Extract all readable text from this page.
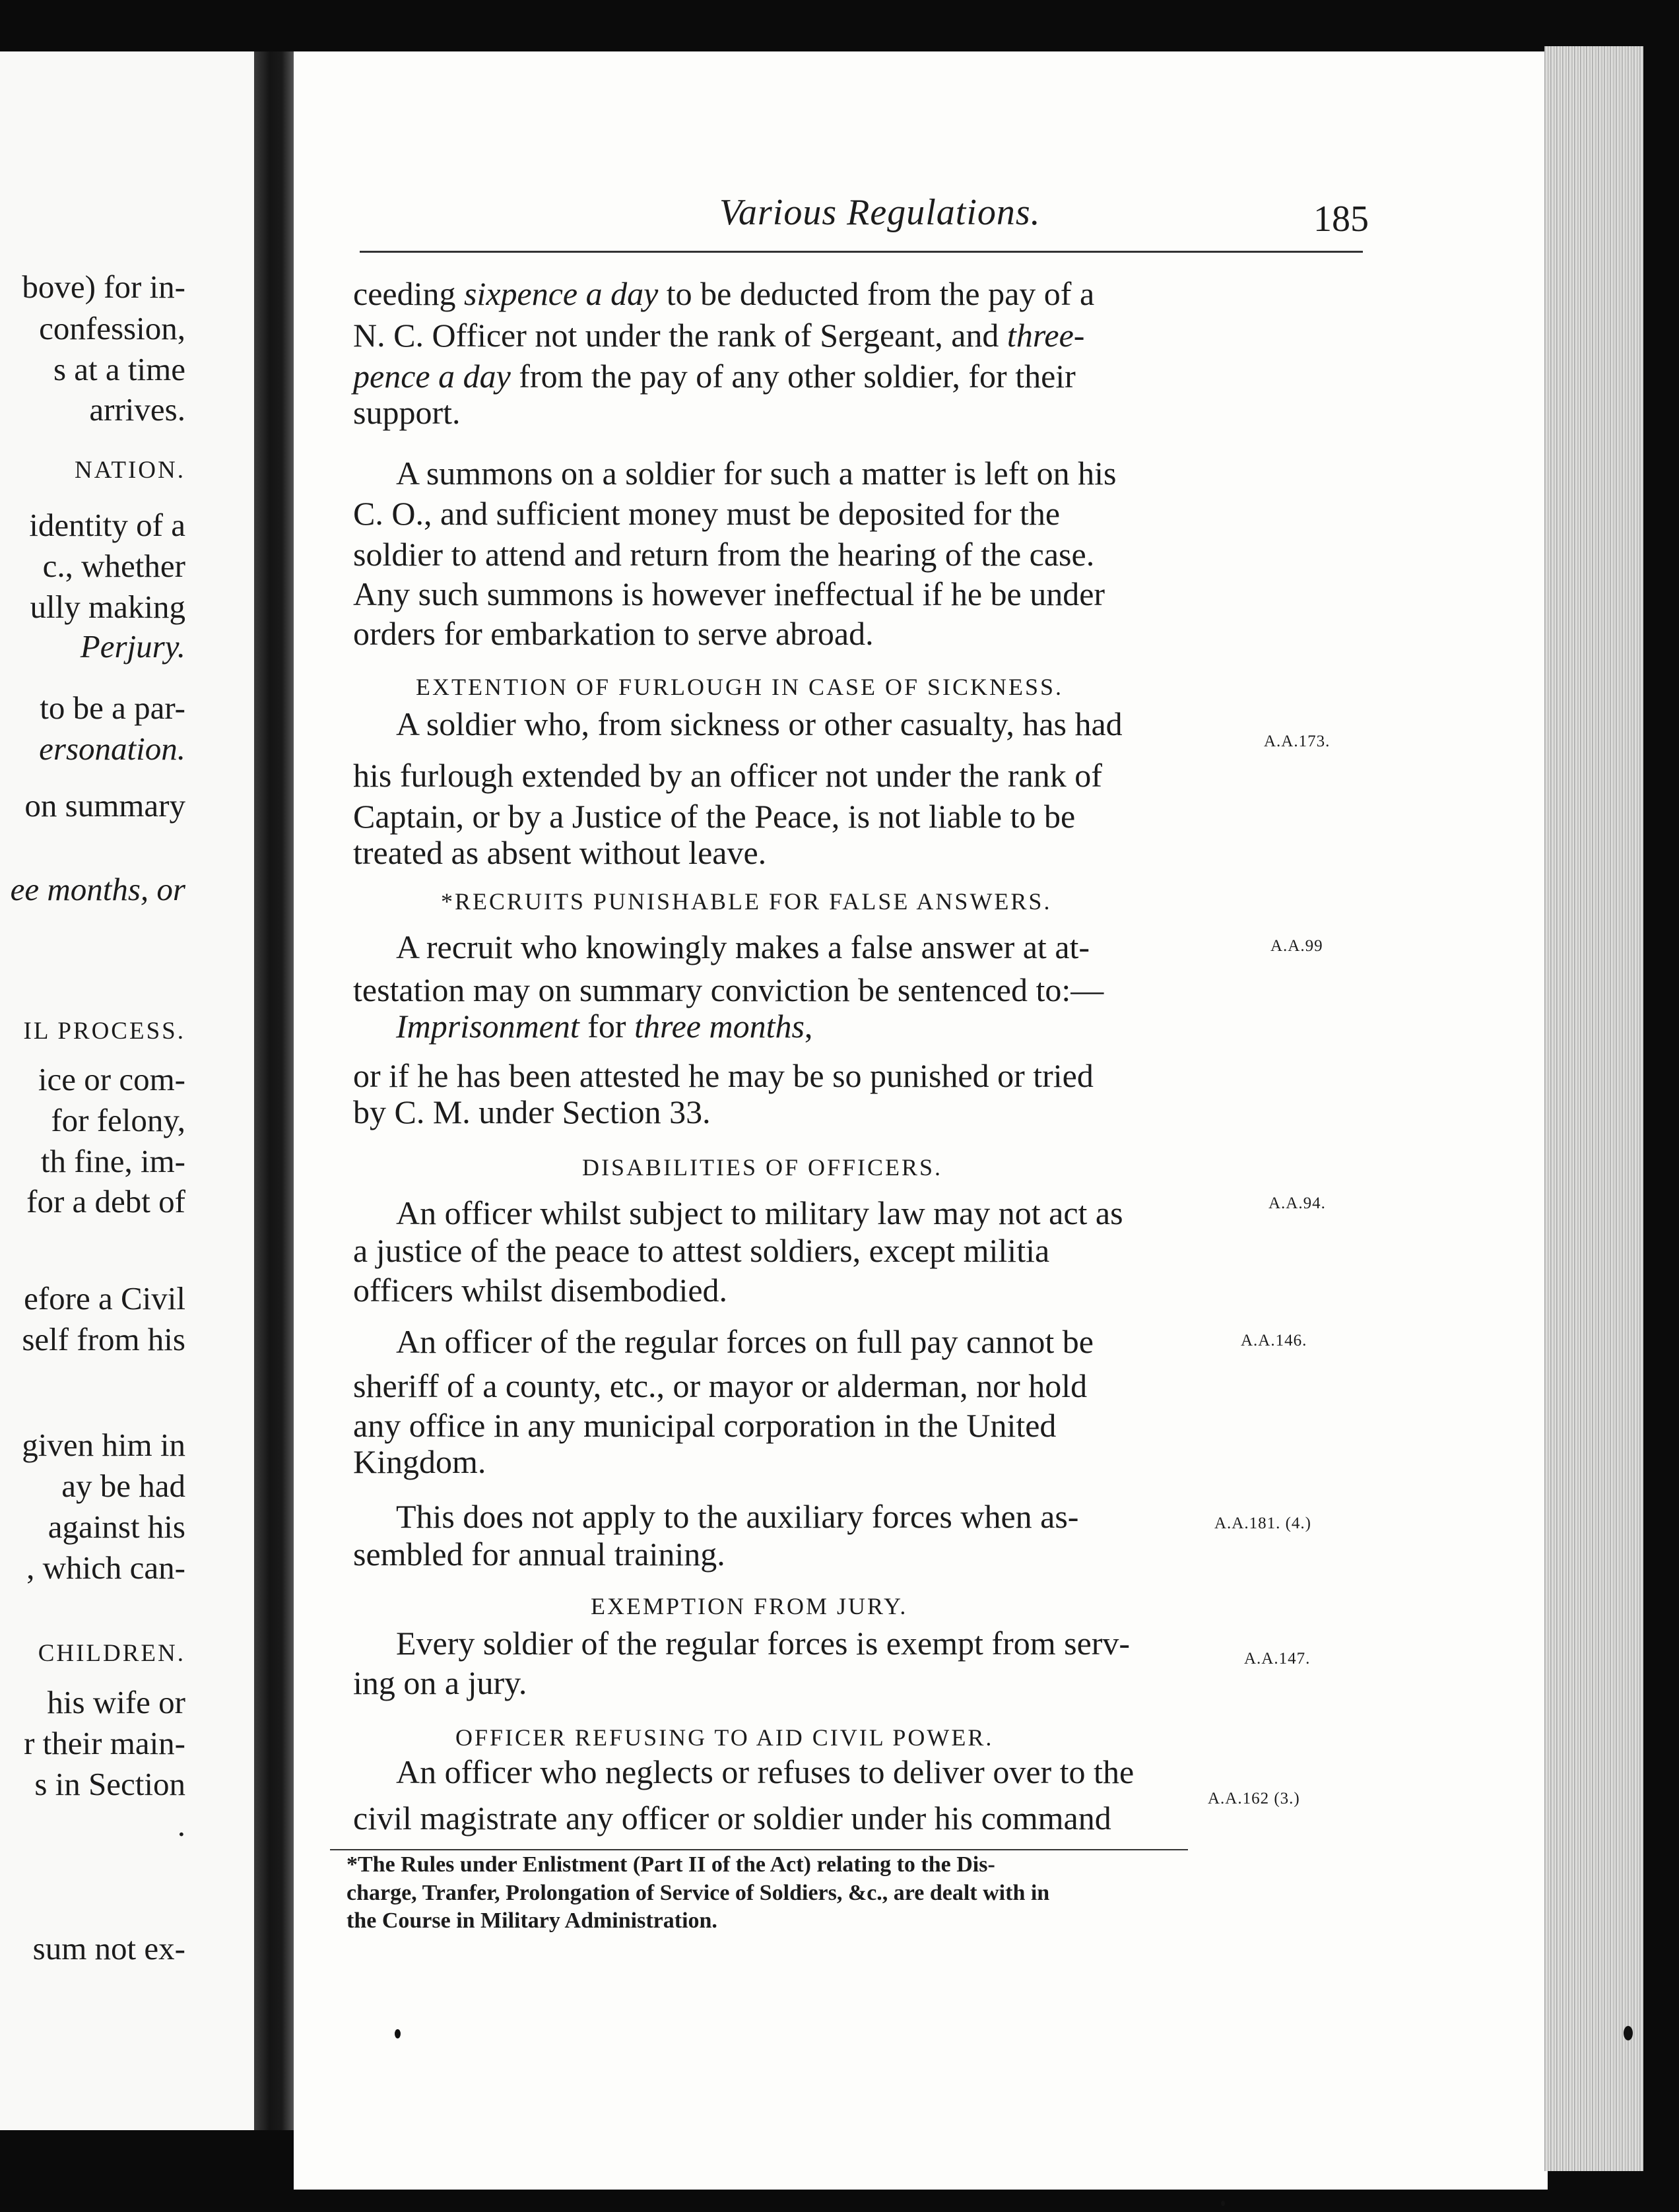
bove) for in-
confession,
s at a time
arrives.
NATION.
identity of a
c., whether
ully making
Perjury.
to be a par-
ersonation.
on summary
ee months, or
IL PROCESS.
ice or com-
for felony,
th fine, im-
for a debt of
efore a Civil
self from his
given him in
ay be had
against his
, which can-
CHILDREN.
his wife or
r their main-
s in Section
.
sum not ex-
Various Regulations.	185
ceeding sixpence a day to be deducted from the pay of a
N. C. Officer not under the rank of Sergeant, and three-
pence a day from the pay of any other soldier, for their
support.
A summons on a soldier for such a matter is left on his
C. O., and sufficient money must be deposited for the
soldier to attend and return from the hearing of the case.
Any such summons is however ineffectual if he be under
orders for embarkation to serve abroad.
EXTENTION OF FURLOUGH IN CASE OF SICKNESS.
A soldier who, from sickness or other casualty, has had
his furlough extended by an officer not under the rank of
Captain, or by a Justice of the Peace, is not liable to be
treated as absent without leave.
A.A.173.
*RECRUITS PUNISHABLE FOR FALSE ANSWERS.
A recruit who knowingly makes a false answer at at-
testation may on summary conviction be sentenced to:—
Imprisonment for three months,
or if he has been attested he may be so punished or tried
by C. M. under Section 33.
A.A.99
DISABILITIES OF OFFICERS.
An officer whilst subject to military law may not act as
a justice of the peace to attest soldiers, except militia
officers whilst disembodied.
A.A.94.
An officer of the regular forces on full pay cannot be
sheriff of a county, etc., or mayor or alderman, nor hold
any office in any municipal corporation in the United
Kingdom.
A.A.146.
This does not apply to the auxiliary forces when as-
sembled for annual training.
A.A.181. (4.)
EXEMPTION FROM JURY.
Every soldier of the regular forces is exempt from serv-
ing on a jury.
A.A.147.
OFFICER REFUSING TO AID CIVIL POWER.
An officer who neglects or refuses to deliver over to the
civil magistrate any officer or soldier under his command
A.A.162 (3.)
*The Rules under Enlistment (Part II of the Act) relating to the Dis-
charge, Tranfer, Prolongation of Service of Soldiers, &c., are dealt with in
the Course in Military Administration.
